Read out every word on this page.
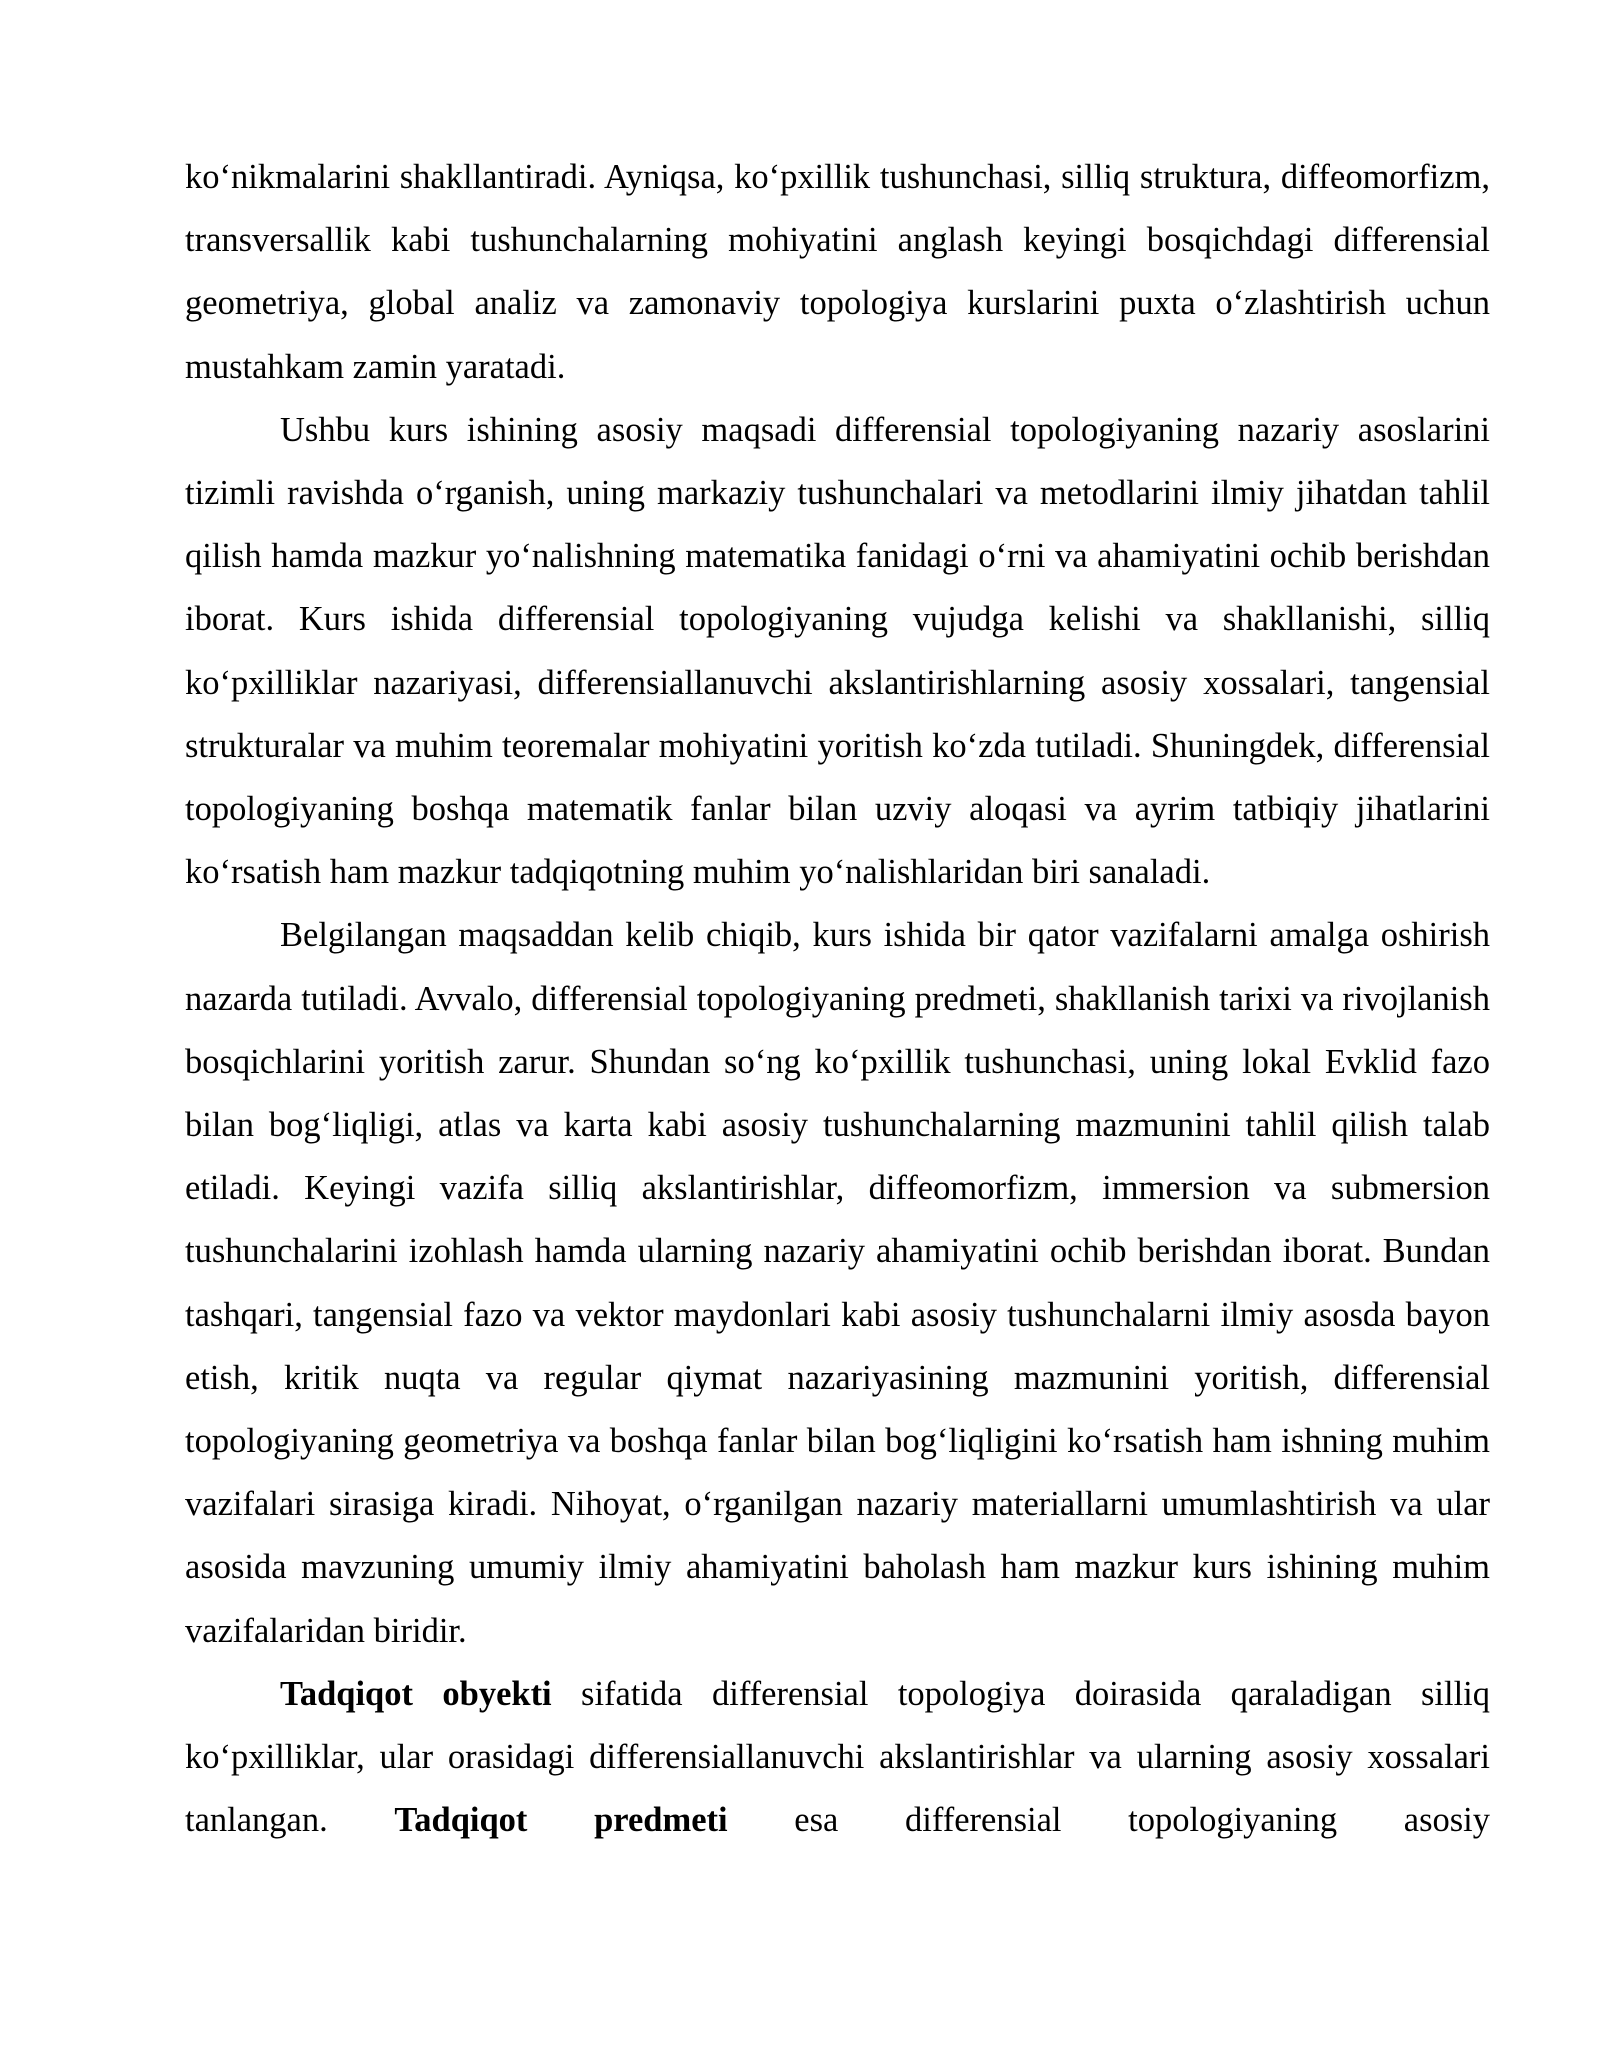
ko‘nikmalarini shakllantiradi. Ayniqsa, ko‘pxillik tushunchasi, silliq struktura, diffeomorfizm, transversallik kabi tushunchalarning mohiyatini anglash keyingi bosqichdagi differensial geometriya, global analiz va zamonaviy topologiya kurslarini puxta o‘zlashtirish uchun mustahkam zamin yaratadi.

Ushbu kurs ishining asosiy maqsadi differensial topologiyaning nazariy asoslarini tizimli ravishda o‘rganish, uning markaziy tushunchalari va metodlarini ilmiy jihatdan tahlil qilish hamda mazkur yo‘nalishning matematika fanidagi o‘rni va ahamiyatini ochib berishdan iborat. Kurs ishida differensial topologiyaning vujudga kelishi va shakllanishi, silliq ko‘pxilliklar nazariyasi, differensiallanuvchi akslantirishlarning asosiy xossalari, tangensial strukturalar va muhim teoremalar mohiyatini yoritish ko‘zda tutiladi. Shuningdek, differensial topologiyaning boshqa matematik fanlar bilan uzviy aloqasi va ayrim tatbiqiy jihatlarini ko‘rsatish ham mazkur tadqiqotning muhim yo‘nalishlaridan biri sanaladi.

Belgilangan maqsaddan kelib chiqib, kurs ishida bir qator vazifalarni amalga oshirish nazarda tutiladi. Avvalo, differensial topologiyaning predmeti, shakllanish tarixi va rivojlanish bosqichlarini yoritish zarur. Shundan so‘ng ko‘pxillik tushunchasi, uning lokal Evklid fazo bilan bog‘liqligi, atlas va karta kabi asosiy tushunchalarning mazmunini tahlil qilish talab etiladi. Keyingi vazifa silliq akslantirishlar, diffeomorfizm, immersion va submersion tushunchalarini izohlash hamda ularning nazariy ahamiyatini ochib berishdan iborat. Bundan tashqari, tangensial fazo va vektor maydonlari kabi asosiy tushunchalarni ilmiy asosda bayon etish, kritik nuqta va regular qiymat nazariyasining mazmunini yoritish, differensial topologiyaning geometriya va boshqa fanlar bilan bog‘liqligini ko‘rsatish ham ishning muhim vazifalari sirasiga kiradi. Nihoyat, o‘rganilgan nazariy materiallarni umumlashtirish va ular asosida mavzuning umumiy ilmiy ahamiyatini baholash ham mazkur kurs ishining muhim vazifalaridan biridir.

Tadqiqot obyekti sifatida differensial topologiya doirasida qaraladigan silliq ko‘pxilliklar, ular orasidagi differensiallanuvchi akslantirishlar va ularning asosiy xossalari tanlangan. Tadqiqot predmeti esa differensial topologiyaning asosiy
